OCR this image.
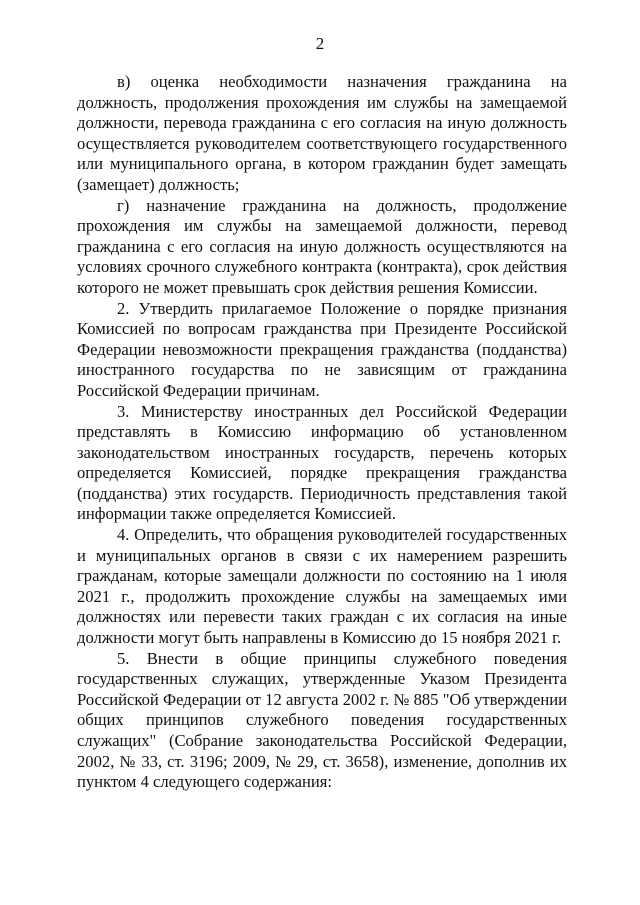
2

в) оценка необходимости назначения гражданина на должность, продолжения прохождения им службы на замещаемой должности, перевода гражданина с его согласия на иную должность осуществляется руководителем соответствующего государственного или муниципального органа, в котором гражданин будет замещать (замещает) должность;

г) назначение гражданина на должность, продолжение прохождения им службы на замещаемой должности, перевод гражданина с его согласия на иную должность осуществляются на условиях срочного служебного контракта (контракта), срок действия которого не может превышать срок действия решения Комиссии.

2. Утвердить прилагаемое Положение о порядке признания Комиссией по вопросам гражданства при Президенте Российской Федерации невозможности прекращения гражданства (подданства) иностранного государства по не зависящим от гражданина Российской Федерации причинам.

3. Министерству иностранных дел Российской Федерации представлять в Комиссию информацию об установленном законодательством иностранных государств, перечень которых определяется Комиссией, порядке прекращения гражданства (подданства) этих государств. Периодичность представления такой информации также определяется Комиссией.

4. Определить, что обращения руководителей государственных и муниципальных органов в связи с их намерением разрешить гражданам, которые замещали должности по состоянию на 1 июля 2021 г., продолжить прохождение службы на замещаемых ими должностях или перевести таких граждан с их согласия на иные должности могут быть направлены в Комиссию до 15 ноября 2021 г.

5. Внести в общие принципы служебного поведения государственных служащих, утвержденные Указом Президента Российской Федерации от 12 августа 2002 г. № 885 "Об утверждении общих принципов служебного поведения государственных служащих" (Собрание законодательства Российской Федерации, 2002, № 33, ст. 3196; 2009, № 29, ст. 3658), изменение, дополнив их пунктом 4 следующего содержания:
